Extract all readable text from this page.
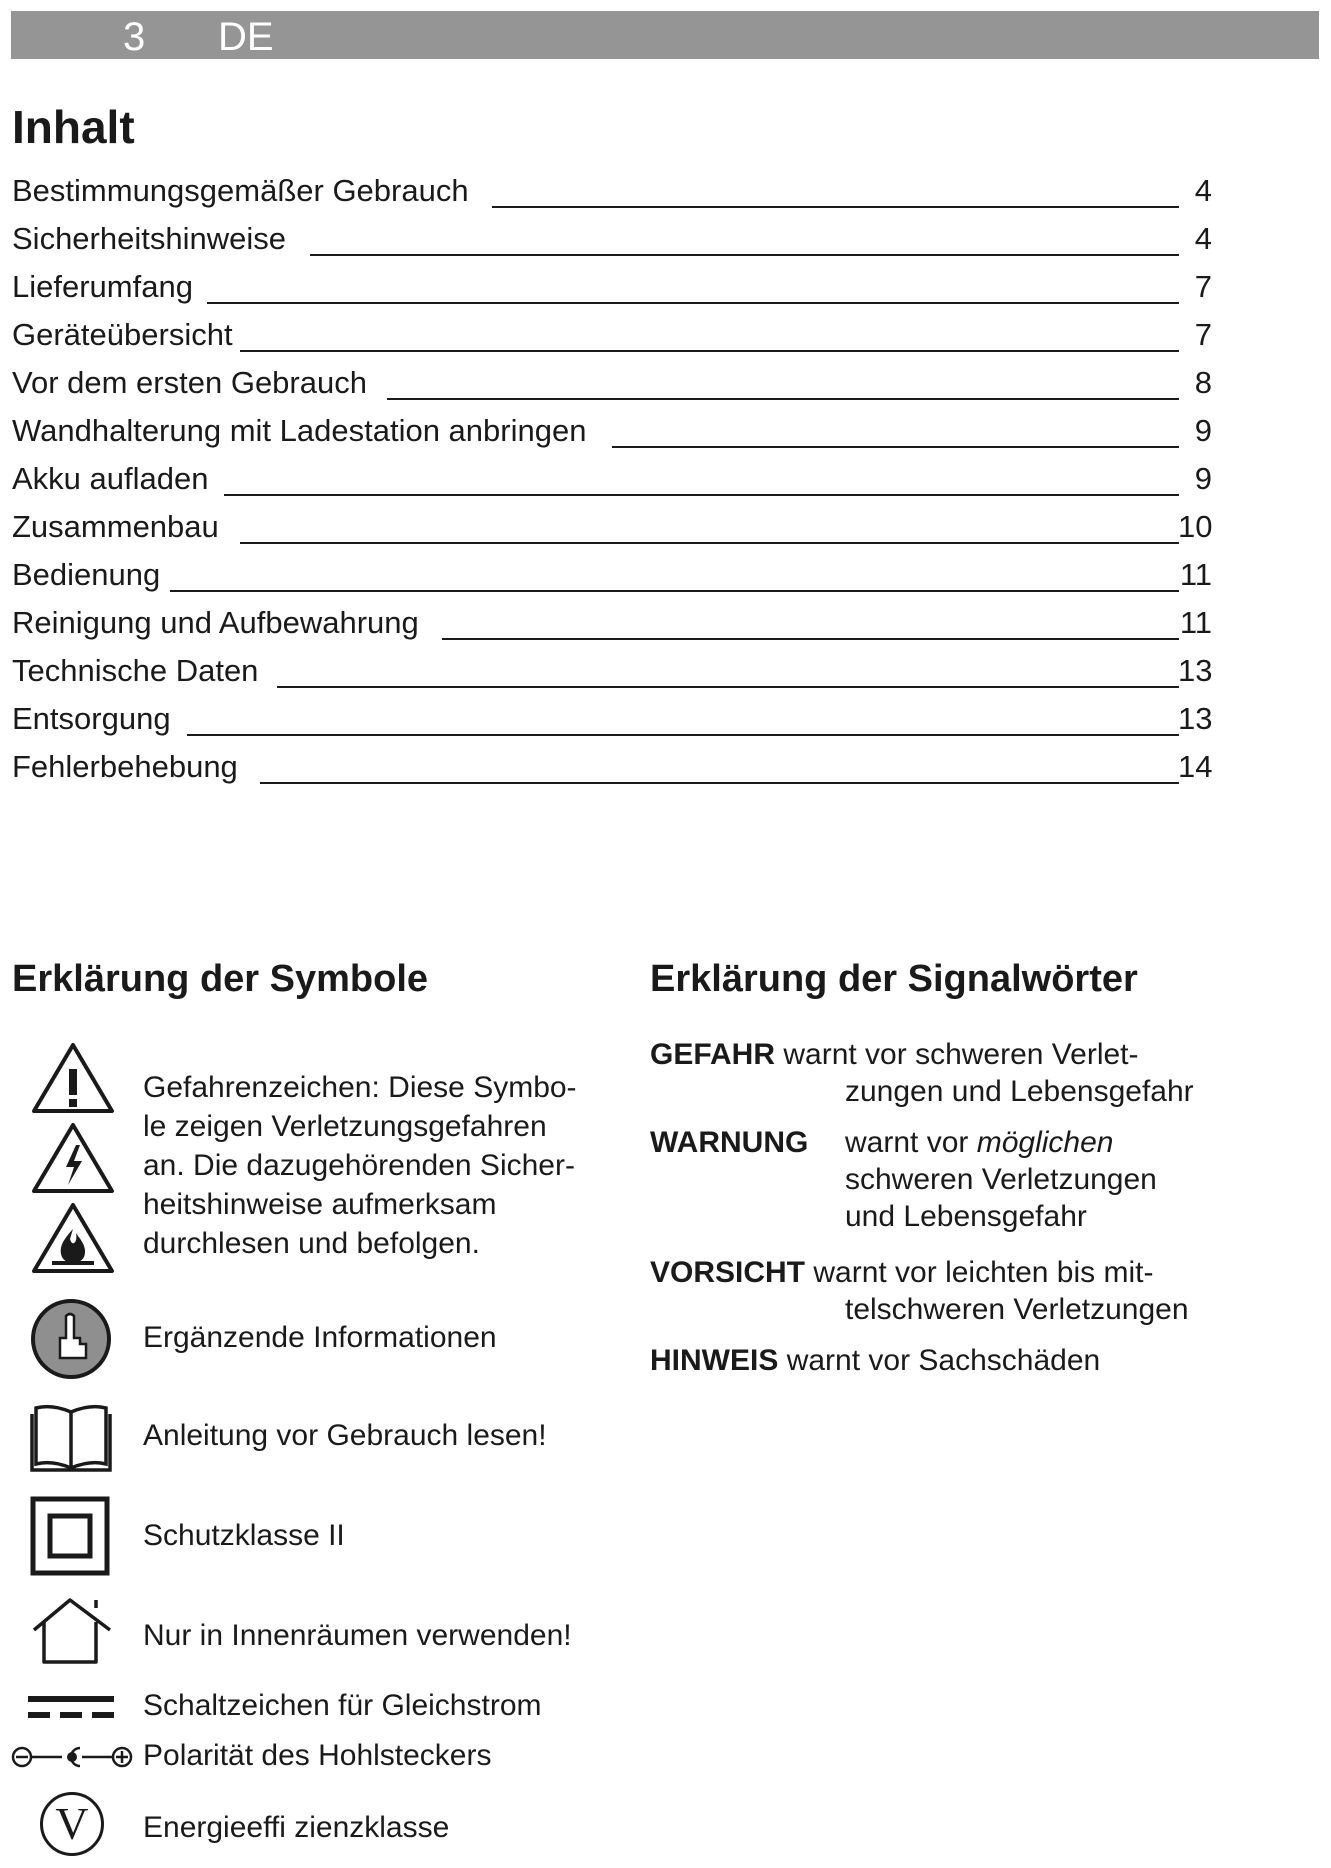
3 DE
Inhalt
Bestimmungsgemäßer Gebrauch	4
Sicherheitshinweise	4
Lieferumfang	7
Geräteübersicht	7
Vor dem ersten Gebrauch	8
Wandhalterung mit Ladestation anbringen	9
Akku aufladen	9
Zusammenbau	10
Bedienung	11
Reinigung und Aufbewahrung	11
Technische Daten	13
Entsorgung	13
Fehlerbehebung	14
Erklärung der Symbole
Gefahrenzeichen: Diese Symbo-
le zeigen Verletzungsgefahren
an. Die dazugehörenden Sicher-
heitshinweise aufmerksam
durchlesen und befolgen.
Ergänzende Informationen
Anleitung vor Gebrauch lesen!
Schutzklasse II
Nur in Innenräumen verwenden!
Schaltzeichen für Gleichstrom
Polarität des Hohlsteckers
V	Energieeffi zienzklasse
Erklärung der Signalwörter
GEFAHR warnt vor schweren Verlet-
zungen und Lebensgefahr
WARNUNG warnt vor möglichen
schweren Verletzungen
und Lebensgefahr
VORSICHT warnt vor leichten bis mit-
telschweren Verletzungen
HINWEIS warnt vor Sachschäden
